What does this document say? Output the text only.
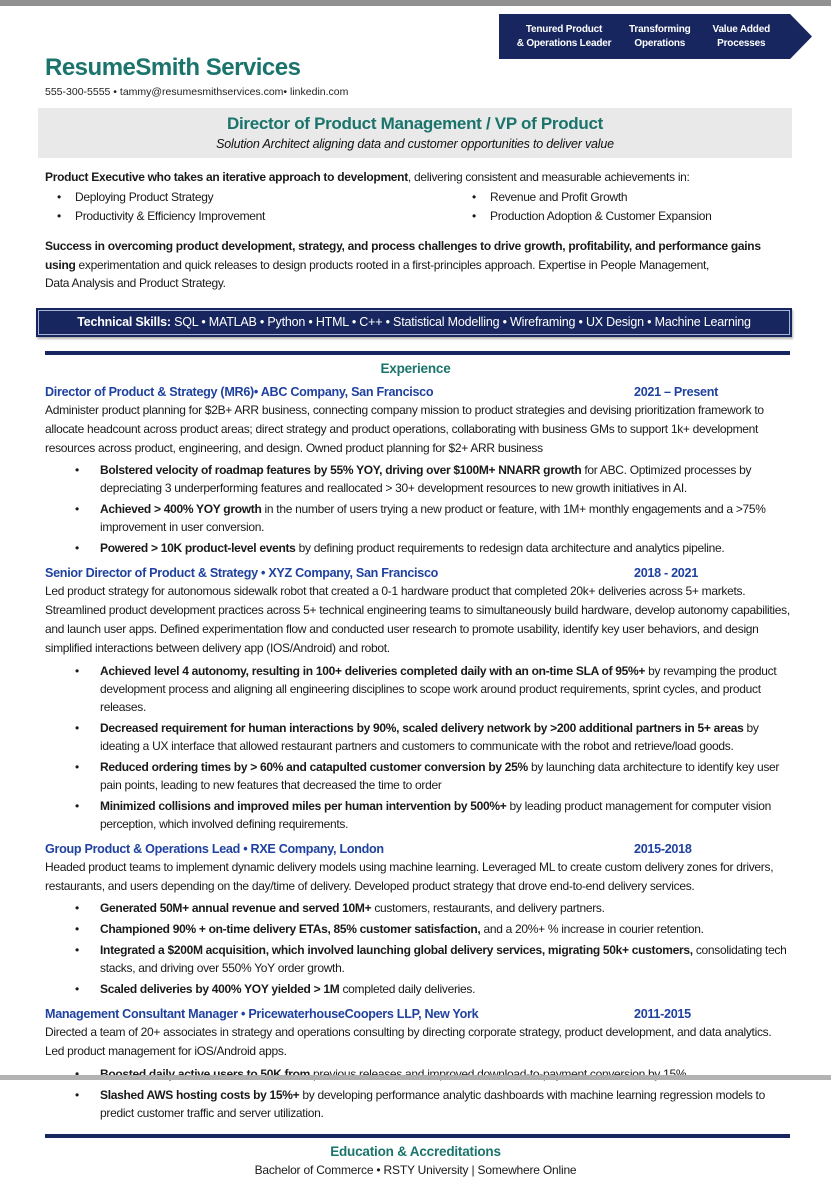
Tenured Product
& Operations Leader
Transforming
Operations
Value Added
Processes
ResumeSmith Services
555-300-5555 • tammy@resumesmithservices.com• linkedin.com
Director of Product Management / VP of Product
Solution Architect aligning data and customer opportunities to deliver value

Product Executive who takes an iterative approach to development, delivering consistent and measurable achievements in:

• Deploying Product Strategy
• Productivity & Efficiency Improvement
• Revenue and Profit Growth
• Production Adoption & Customer Expansion

Success in overcoming product development, strategy, and process challenges to drive growth, profitability, and performance gains using experimentation and quick releases to design products rooted in a first-principles approach. Expertise in People Management,
Data Analysis and Product Strategy.

Technical Skills: SQL • MATLAB • Python • HTML • C++ • Statistical Modelling • Wireframing • UX Design • Machine Learning
Experience
Director of Product & Strategy (MR6)• ABC Company, San Francisco	2021 – Present

Administer product planning for $2B+ ARR business, connecting company mission to product strategies and devising prioritization framework to allocate headcount across product areas; direct strategy and product operations, collaborating with business GMs to support 1k+ development resources across product, engineering, and design. Owned product planning for $2+ ARR business

• Bolstered velocity of roadmap features by 55% YOY, driving over $100M+ NNARR growth for ABC. Optimized processes by depreciating 3 underperforming features and reallocated > 30+ development resources to new growth initiatives in AI.
• Achieved > 400% YOY growth in the number of users trying a new product or feature, with 1M+ monthly engagements and a >75% improvement in user conversion.
• Powered > 10K product-level events by defining product requirements to redesign data architecture and analytics pipeline.
Senior Director of Product & Strategy • XYZ Company, San Francisco	2018 - 2021

Led product strategy for autonomous sidewalk robot that created a 0-1 hardware product that completed 20k+ deliveries across 5+ markets. Streamlined product development practices across 5+ technical engineering teams to simultaneously build hardware, develop autonomy capabilities, and launch user apps. Defined experimentation flow and conducted user research to promote usability, identify key user behaviors, and design simplified interactions between delivery app (IOS/Android) and robot.

• Achieved level 4 autonomy, resulting in 100+ deliveries completed daily with an on-time SLA of 95%+ by revamping the product development process and aligning all engineering disciplines to scope work around product requirements, sprint cycles, and product releases.
• Decreased requirement for human interactions by 90%, scaled delivery network by >200 additional partners in 5+ areas by ideating a UX interface that allowed restaurant partners and customers to communicate with the robot and retrieve/load goods.
• Reduced ordering times by > 60% and catapulted customer conversion by 25% by launching data architecture to identify key user pain points, leading to new features that decreased the time to order
• Minimized collisions and improved miles per human intervention by 500%+ by leading product management for computer vision perception, which involved defining requirements.
Group Product & Operations Lead • RXE Company, London	2015-2018

Headed product teams to implement dynamic delivery models using machine learning. Leveraged ML to create custom delivery zones for drivers, restaurants, and users depending on the day/time of delivery. Developed product strategy that drove end-to-end delivery services.

• Generated 50M+ annual revenue and served 10M+ customers, restaurants, and delivery partners.
• Championed 90% + on-time delivery ETAs, 85% customer satisfaction, and a 20%+ % increase in courier retention.
• Integrated a $200M acquisition, which involved launching global delivery services, migrating 50k+ customers, consolidating tech stacks, and driving over 550% YoY order growth.
• Scaled deliveries by 400% YOY yielded > 1M completed daily deliveries.
Management Consultant Manager • PricewaterhouseCoopers LLP, New York	2011-2015

Directed a team of 20+ associates in strategy and operations consulting by directing corporate strategy, product development, and data analytics. Led product management for iOS/Android apps.

•
• Slashed AWS hosting costs by 15%+ by developing performance analytic dashboards with machine learning regression models to predict customer traffic and server utilization.
Education & Accreditations
Bachelor of Commerce • RSTY University | Somewhere Online
